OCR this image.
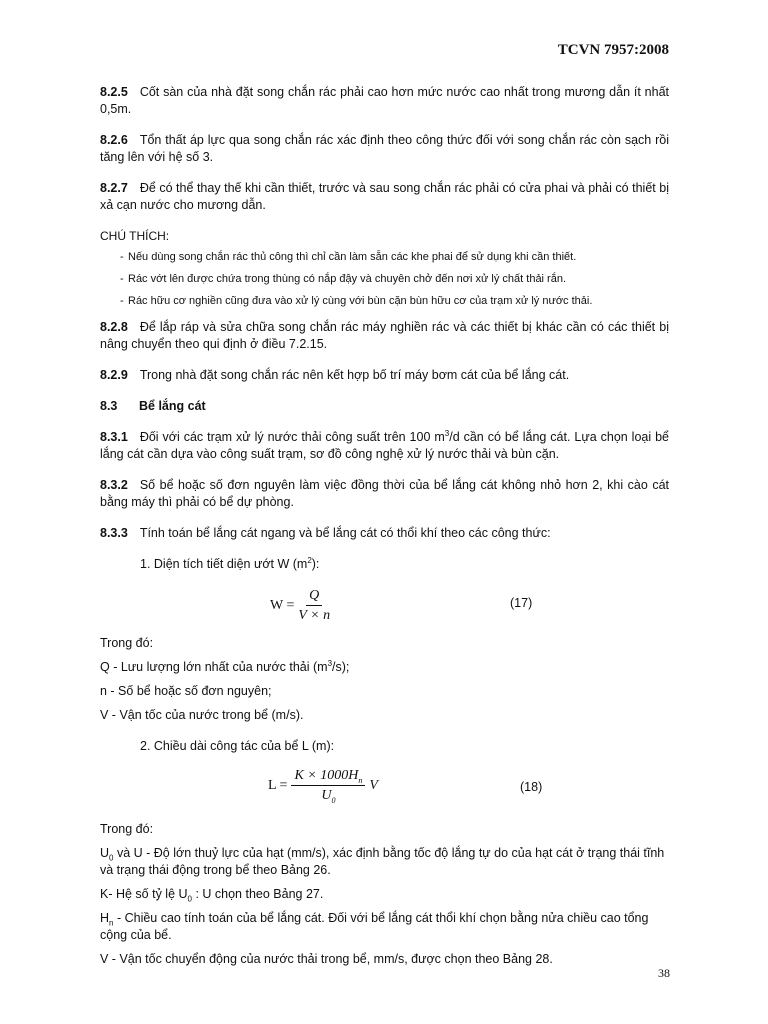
TCVN 7957:2008

8.2.5 Cốt sàn của nhà đặt song chắn rác phải cao hơn mức nước cao nhất trong mương dẫn ít nhất 0,5m.

8.2.6 Tổn thất áp lực qua song chắn rác xác định theo công thức đối với song chắn rác còn sạch rồi tăng lên với hệ số 3.

8.2.7 Để có thể thay thế khi cần thiết, trước và sau song chắn rác phải có cửa phai và phải có thiết bị xả cạn nước cho mương dẫn.

CHÚ THÍCH:

- Nếu dùng song chắn rác thủ công thì chỉ cần làm sẵn các khe phai để sử dụng khi cần thiết.
- Rác vớt lên được chứa trong thùng có nắp đậy và chuyên chở đến nơi xử lý chất thải rắn.
- Rác hữu cơ nghiền cũng đưa vào xử lý cùng với bùn cặn bùn hữu cơ của trạm xử lý nước thải.

8.2.8 Để lắp ráp và sửa chữa song chắn rác máy nghiền rác và các thiết bị khác cần có các thiết bị nâng chuyển theo qui định ở điều 7.2.15.

8.2.9 Trong nhà đặt song chắn rác nên kết hợp bố trí máy bơm cát của bể lắng cát.

8.3 Bể lắng cát

8.3.1 Đối với các trạm xử lý nước thải công suất trên 100 $m^3/d$ cần có bể lắng cát. Lựa chọn loại bể lắng cát cần dựa vào công suất trạm, sơ đồ công nghệ xử lý nước thải và bùn cặn.

8.3.2 Số bể hoặc số đơn nguyên làm việc đồng thời của bể lắng cát không nhỏ hơn 2, khi cào cát bằng máy thì phải có bể dự phòng.

8.3.3 Tính toán bể lắng cát ngang và bể lắng cát có thổi khí theo các công thức:

1. Diện tích tiết diện ướt W $(m^2)$:

$W = \frac{Q}{V \times n}$	(17)

Trong đó:

Q - Lưu lượng lớn nhất của nước thải $(m^3/s)$;

n - Số bể hoặc số đơn nguyên;

V - Vận tốc của nước trong bể (m/s).

2. Chiều dài công tác của bể L (m):

$L = \frac{K \times 1000H_n}{U_0}$ V	(18)

Trong đó:

$U_0$ và U - Độ lớn thuỷ lực của hạt (mm/s), xác định bằng tốc độ lắng tự do của hạt cát ở trạng thái tĩnh và trạng thái động trong bể theo Bảng 26.

K- Hệ số tỷ lệ $U_0$ : U chọn theo Bảng 27.

$H_n$ - Chiều cao tính toán của bể lắng cát. Đối với bể lắng cát thổi khí chọn bằng nửa chiều cao tổng cộng của bể.

V - Vận tốc chuyển động của nước thải trong bể, mm/s, được chọn theo Bảng 28.

38
